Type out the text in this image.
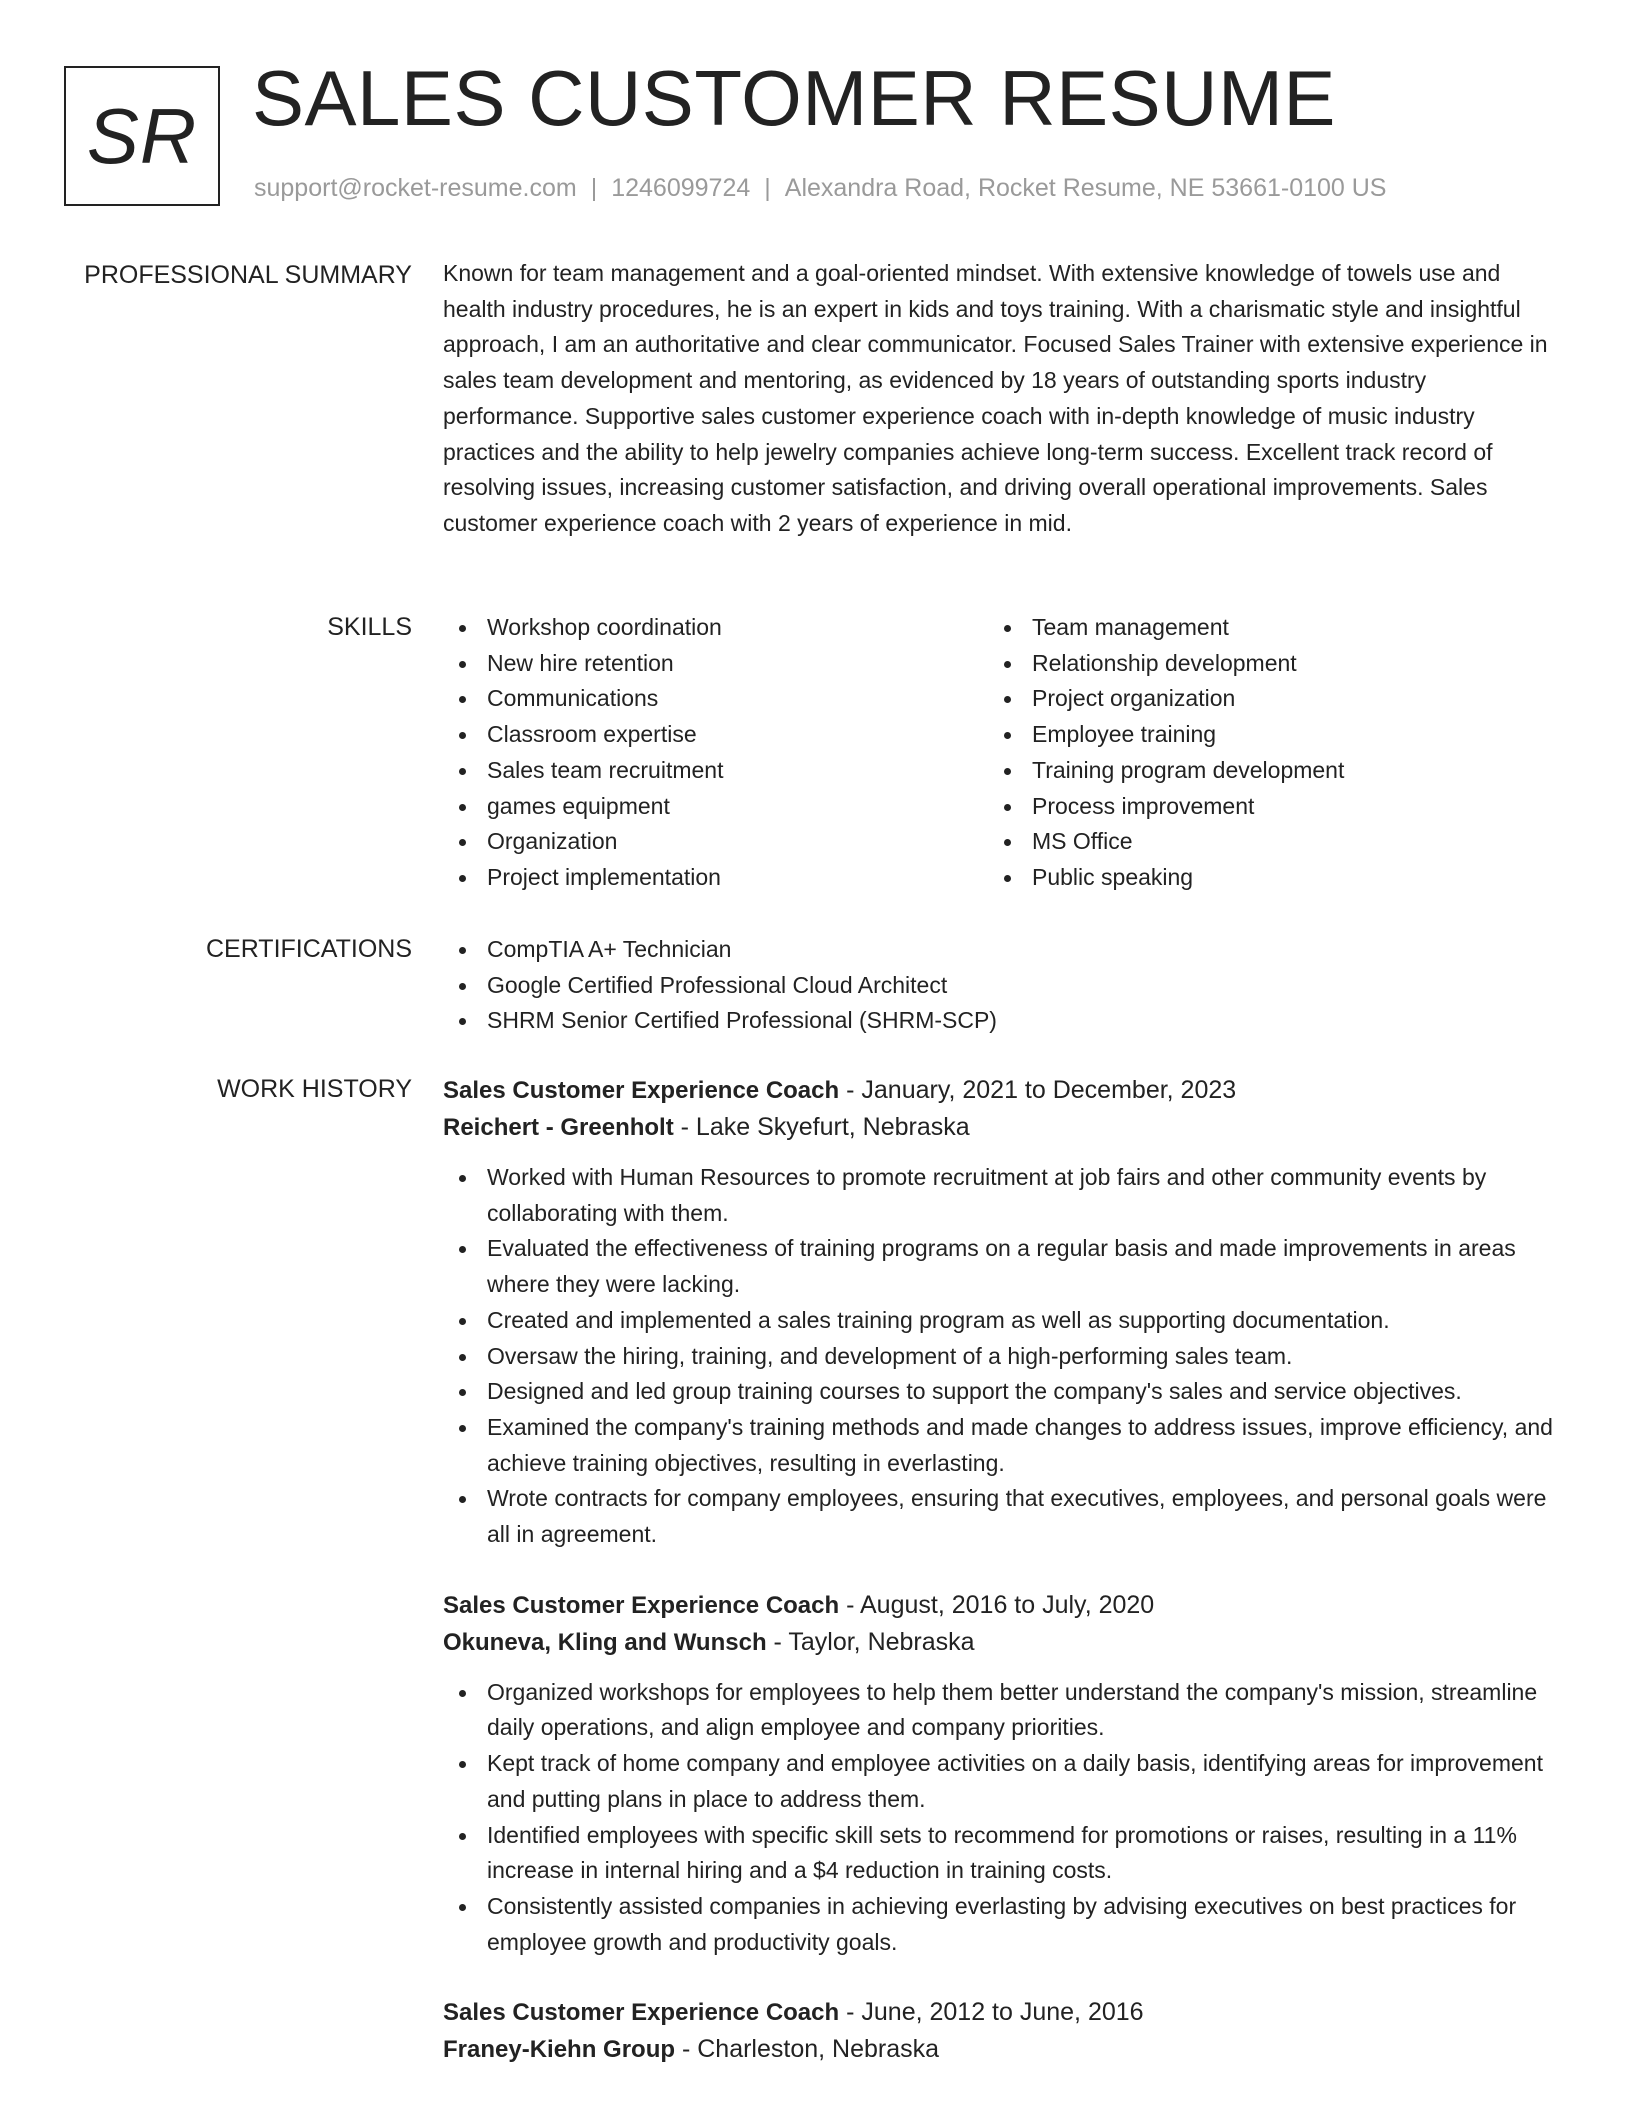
SR SALES CUSTOMER RESUME
support@rocket-resume.com | 1246099724 | Alexandra Road, Rocket Resume, NE 53661-0100 US
PROFESSIONAL SUMMARY Known for team management and a goal-oriented mindset. With extensive knowledge of towels use and health industry procedures, he is an expert in kids and toys training. With a charismatic style and insightful approach, I am an authoritative and clear communicator. Focused Sales Trainer with extensive experience in sales team development and mentoring, as evidenced by 18 years of outstanding sports industry performance. Supportive sales customer experience coach with in-depth knowledge of music industry practices and the ability to help jewelry companies achieve long-term success. Excellent track record of resolving issues, increasing customer satisfaction, and driving overall operational improvements. Sales customer experience coach with 2 years of experience in mid.

SKILLS	Workshop coordination
New hire retention
Communications
Classroom expertise
Sales team recruitment
games equipment
Organization
Project implementation
Team management
Relationship development
Project organization
Employee training
Training program development
Process improvement
MS Office
Public speaking
CERTIFICATIONS	CompTIA A+ Technician
Google Certified Professional Cloud Architect
SHRM Senior Certified Professional (SHRM-SCP)
WORK HISTORY Sales Customer Experience Coach - January, 2021 to December, 2023
Reichert - Greenholt - Lake Skyefurt, Nebraska
Worked with Human Resources to promote recruitment at job fairs and other community events by collaborating with them.
Evaluated the effectiveness of training programs on a regular basis and made improvements in areas where they were lacking.
Created and implemented a sales training program as well as supporting documentation.
Oversaw the hiring, training, and development of a high-performing sales team.
Designed and led group training courses to support the company's sales and service objectives.
Examined the company's training methods and made changes to address issues, improve efficiency, and achieve training objectives, resulting in everlasting.
Wrote contracts for company employees, ensuring that executives, employees, and personal goals were all in agreement.
Sales Customer Experience Coach - August, 2016 to July, 2020
Okuneva, Kling and Wunsch - Taylor, Nebraska
Organized workshops for employees to help them better understand the company's mission, streamline daily operations, and align employee and company priorities.
Kept track of home company and employee activities on a daily basis, identifying areas for improvement and putting plans in place to address them.
Identified employees with specific skill sets to recommend for promotions or raises, resulting in a 11% increase in internal hiring and a $4 reduction in training costs.
Consistently assisted companies in achieving everlasting by advising executives on best practices for employee growth and productivity goals.
Sales Customer Experience Coach - June, 2012 to June, 2016
Franey-Kiehn Group - Charleston, Nebraska
